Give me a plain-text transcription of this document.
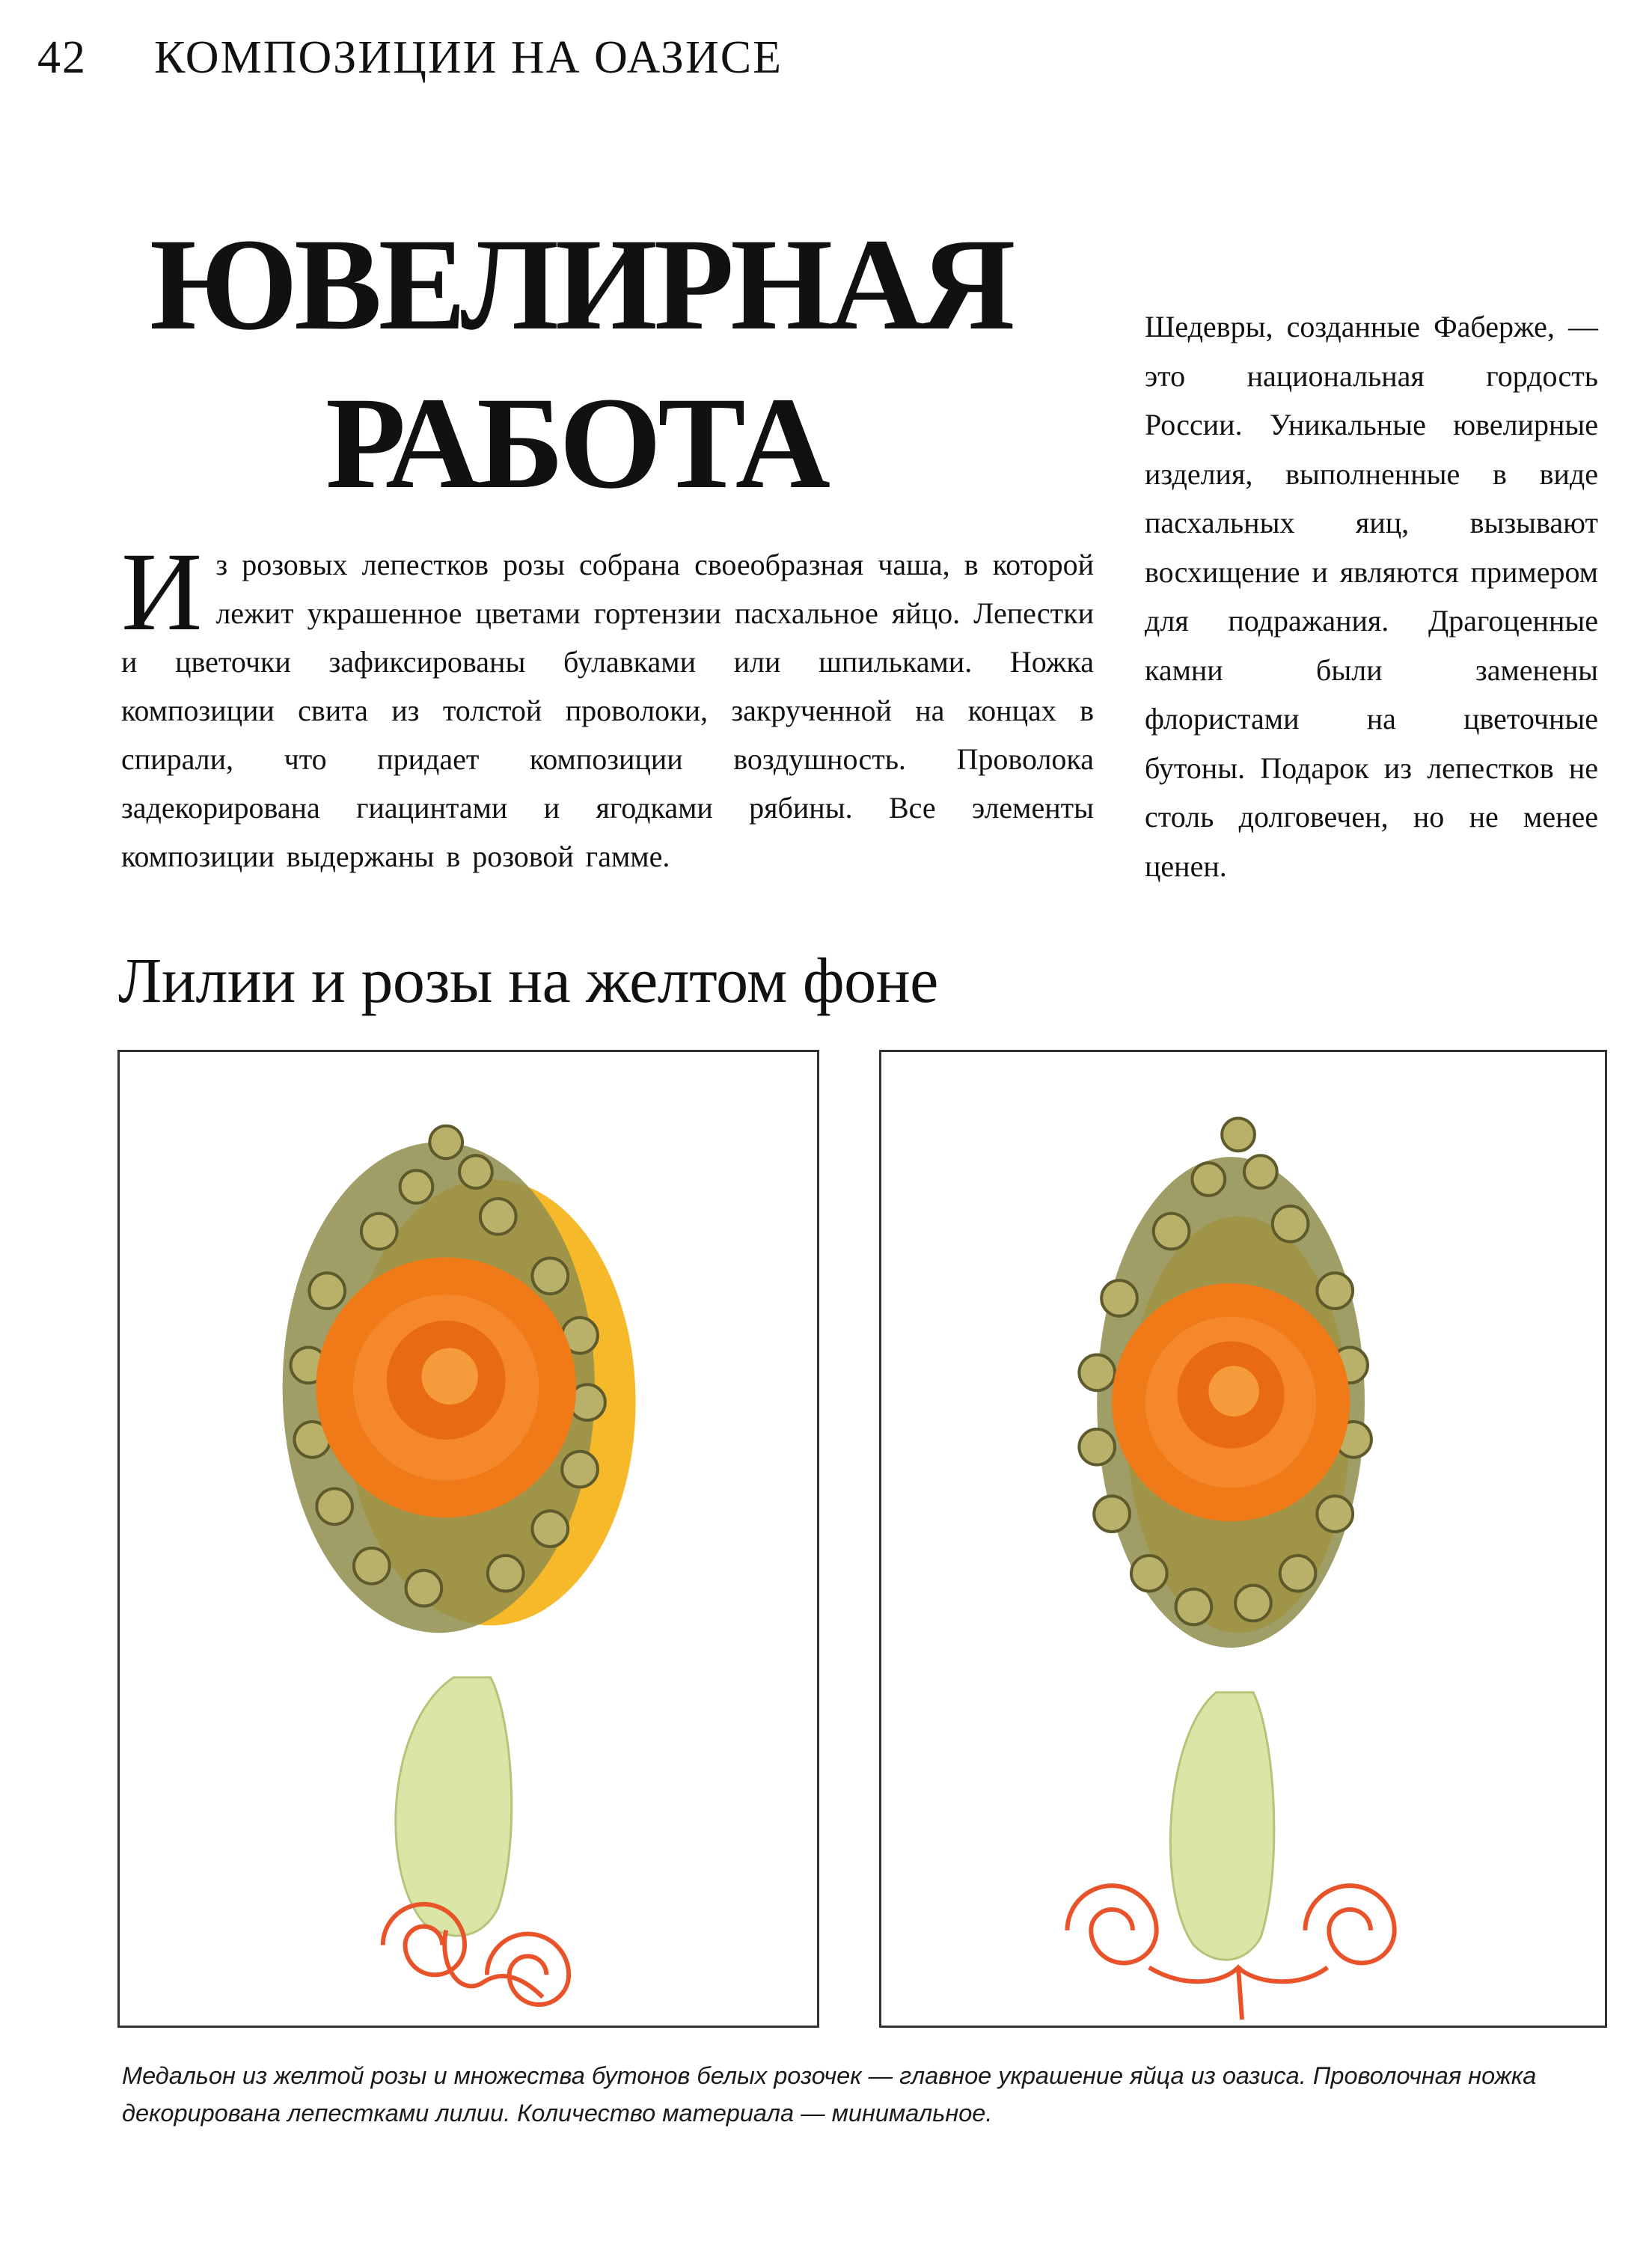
42 КОМПОЗИЦИИ НА ОАЗИСЕ
ЮВЕЛИРНАЯ
РАБОТА
Из розовых лепестков розы собрана своеобразная чаша, в которой лежит украшенное цветами гортензии пасхальное яйцо. Лепестки и цветочки зафиксированы булавками или шпильками. Ножка композиции свита из толстой проволоки, закрученной на концах в спирали, что придает композиции воздушность. Проволока задекорирована гиацинтами и ягодками рябины. Все элементы композиции выдержаны в розовой гамме.
Шедевры, созданные Фаберже, — это национальная гордость России. Уникальные ювелирные изделия, выполненные в виде пасхальных яиц, вызывают восхищение и являются примером для подражания. Драгоценные камни были заменены флористами на цветочные бутоны. Подарок из лепестков не столь долговечен, но не менее ценен.
Лилии и розы на желтом фоне
Медальон из желтой розы и множества бутонов белых розочек — главное украшение яйца из оазиса. Проволочная ножка декорирована лепестками лилии. Количество материала — минимальное.
